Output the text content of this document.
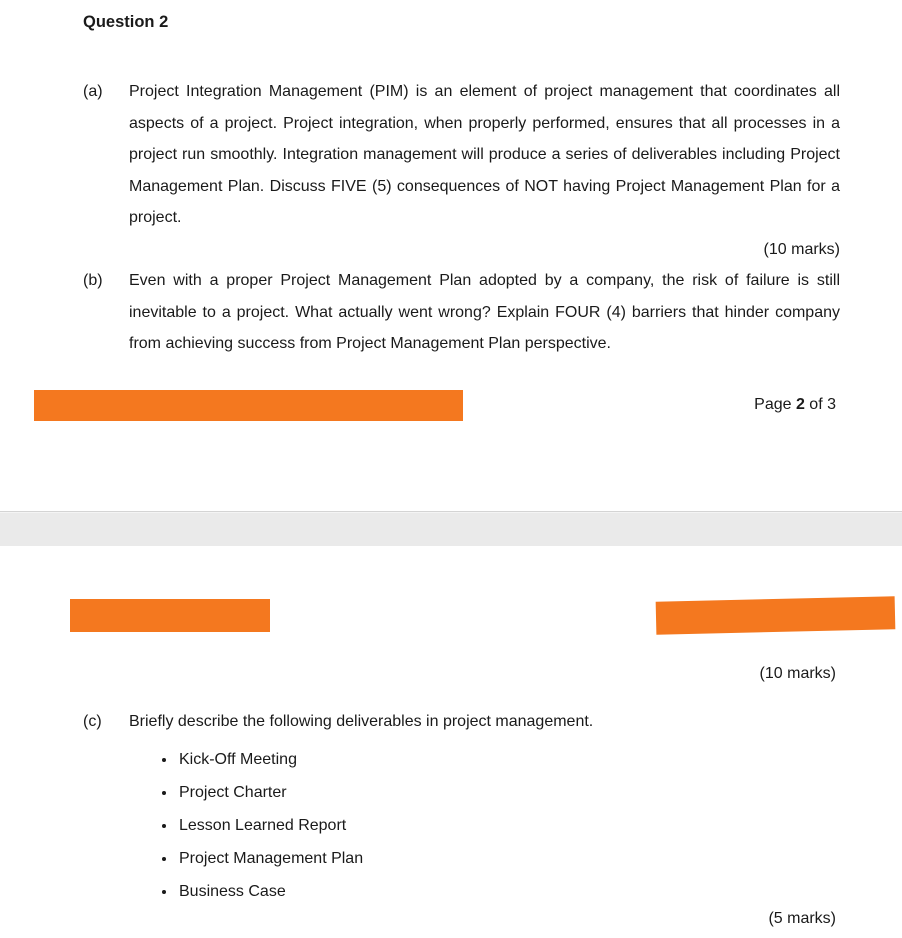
Question 2
(a)	Project Integration Management (PIM) is an element of project management that coordinates all aspects of a project. Project integration, when properly performed, ensures that all processes in a project run smoothly. Integration management will produce a series of deliverables including Project Management Plan. Discuss FIVE (5) consequences of NOT having Project Management Plan for a project.

(10 marks)
(b)	Even with a proper Project Management Plan adopted by a company, the risk of failure is still inevitable to a project. What actually went wrong? Explain FOUR (4) barriers that hinder company from achieving success from Project Management Plan perspective.

Page 2 of 3
(10 marks)
(c)	Briefly describe the following deliverables in project management.

• Kick-Off Meeting
• Project Charter
• Lesson Learned Report
• Project Management Plan
• Business Case
(5 marks)
